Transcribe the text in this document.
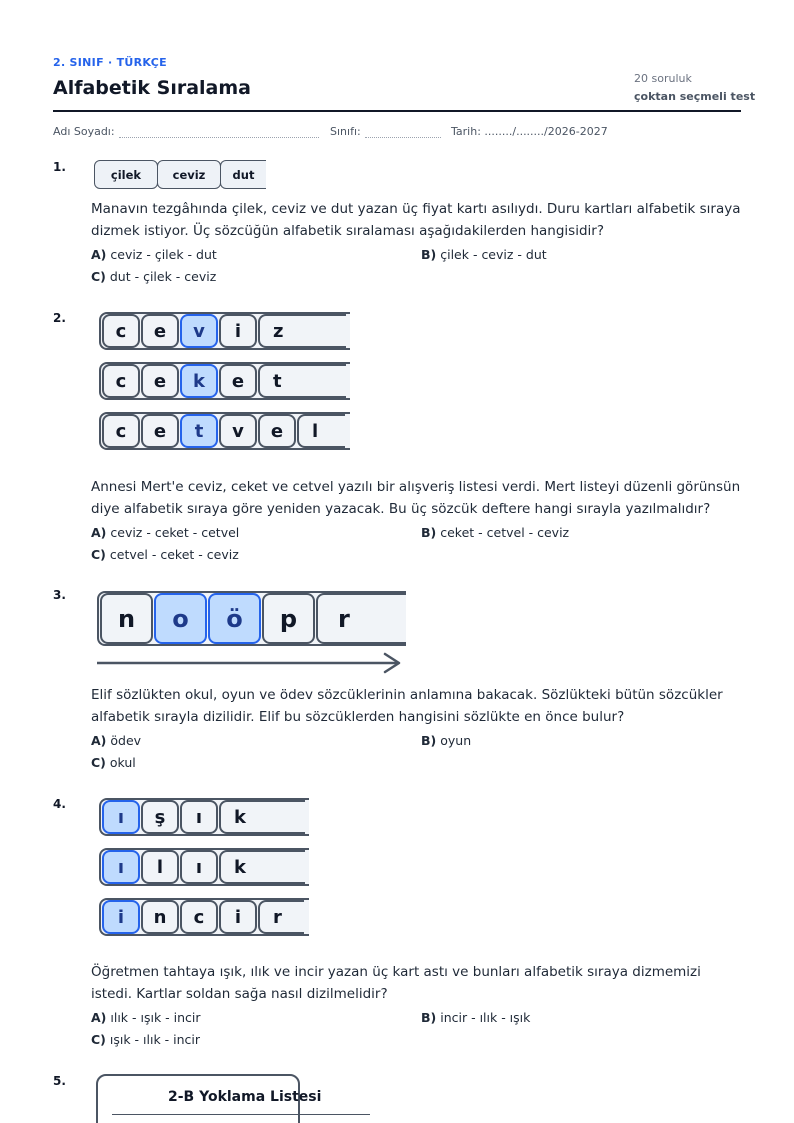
2. SINIF · TÜRKÇE
Alfabetik Sıralama	20 soruluk
çoktan seçmeli test
Adı Soyadı:	Sınıfı:	Tarih: ......../......../2026-2027
1.
çilek	ceviz	dut
Manavın tezgâhında çilek, ceviz ve dut yazan üç fiyat kartı asılıydı. Duru kartları alfabetik sıraya dizmek istiyor. Üç sözcüğün alfabetik sıralaması aşağıdakilerden hangisidir?
A) ceviz - çilek - dut	B) çilek - ceviz - dut
C) dut - çilek - ceviz
2.
c	e	v	i	z
c	e	k	e	t
c	e	t	v	e	l
Annesi Mert'e ceviz, ceket ve cetvel yazılı bir alışveriş listesi verdi. Mert listeyi düzenli görünsün diye alfabetik sıraya göre yeniden yazacak. Bu üç sözcük deftere hangi sırayla yazılmalıdır?
A) ceviz - ceket - cetvel	B) ceket - cetvel - ceviz
C) cetvel - ceket - ceviz
3.
n	o	ö	p	r
Elif sözlükten okul, oyun ve ödev sözcüklerinin anlamına bakacak. Sözlükteki bütün sözcükler alfabetik sırayla dizilidir. Elif bu sözcüklerden hangisini sözlükte en önce bulur?
A) ödev	B) oyun
C) okul
4.
ı	ş	ı	k
ı	l	ı	k
i	n	c	i	r
Öğretmen tahtaya ışık, ılık ve incir yazan üç kart astı ve bunları alfabetik sıraya dizmemizi istedi. Kartlar soldan sağa nasıl dizilmelidir?
A) ılık - ışık - incir	B) incir - ılık - ışık
C) ışık - ılık - incir
5.
2-B Yoklama Listesi
